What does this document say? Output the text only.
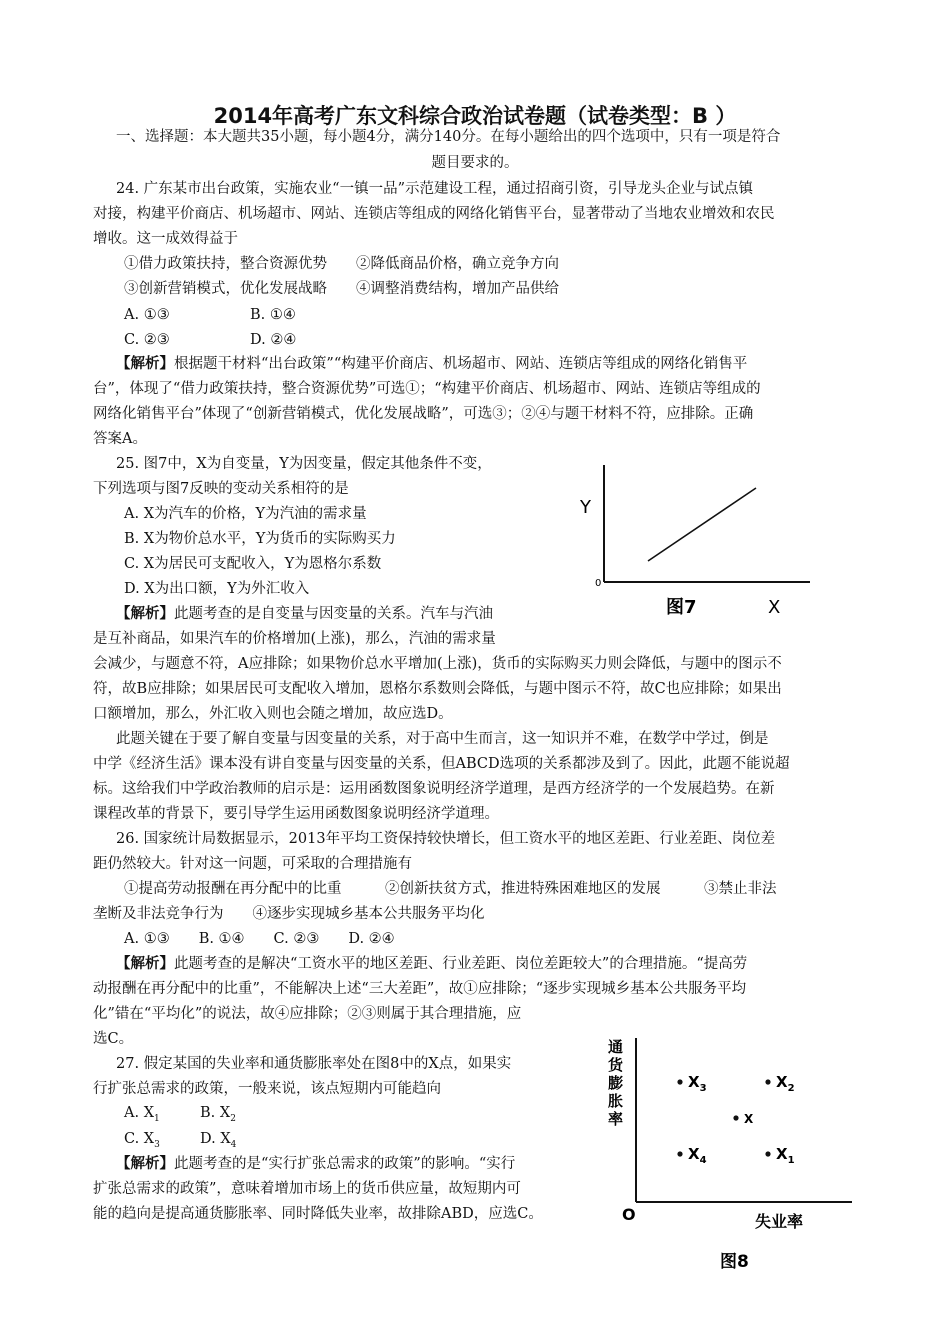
2014年高考广东文科综合政治试卷题（试卷类型：B ）
一、选择题：本大题共35小题，每小题4分，满分140分。在每小题给出的四个选项中，只有一项是符合
题目要求的。
24. 广东某市出台政策，实施农业“一镇一品”示范建设工程，通过招商引资，引导龙头企业与试点镇
对接，构建平价商店、机场超市、网站、连锁店等组成的网络化销售平台，显著带动了当地农业增效和农民
增收。这一成效得益于
①借力政策扶持，整合资源优势　　②降低商品价格，确立竞争方向
③创新营销模式，优化发展战略　　④调整消费结构，增加产品供给
A. ①③	B. ①④
C. ②③	D. ②④
【解析】根据题干材料“出台政策”“构建平价商店、机场超市、网站、连锁店等组成的网络化销售平
台”，体现了“借力政策扶持，整合资源优势”可选①；“构建平价商店、机场超市、网站、连锁店等组成的
网络化销售平台”体现了“创新营销模式，优化发展战略”，可选③；②④与题干材料不符，应排除。正确
答案A。
25. 图7中，X为自变量，Y为因变量，假定其他条件不变，
下列选项与图7反映的变动关系相符的是
A. X为汽车的价格，Y为汽油的需求量
B. X为物价总水平，Y为货币的实际购买力
C. X为居民可支配收入，Y为恩格尔系数
D. X为出口额，Y为外汇收入
【解析】此题考查的是自变量与因变量的关系。汽车与汽油
是互补商品，如果汽车的价格增加(上涨)，那么，汽油的需求量
会减少，与题意不符，A应排除；如果物价总水平增加(上涨)，货币的实际购买力则会降低，与题中的图示不
符，故B应排除；如果居民可支配收入增加，恩格尔系数则会降低，与题中图示不符，故C也应排除；如果出
口额增加，那么，外汇收入则也会随之增加，故应选D。
此题关键在于要了解自变量与因变量的关系，对于高中生而言，这一知识并不难，在数学中学过，倒是
中学《经济生活》课本没有讲自变量与因变量的关系，但ABCD选项的关系都涉及到了。因此，此题不能说超
标。这给我们中学政治教师的启示是：运用函数图象说明经济学道理，是西方经济学的一个发展趋势。在新
课程改革的背景下，要引导学生运用函数图象说明经济学道理。
Y
0
图7	X
26. 国家统计局数据显示，2013年平均工资保持较快增长，但工资水平的地区差距、行业差距、岗位差
距仍然较大。针对这一问题，可采取的合理措施有
①提高劳动报酬在再分配中的比重　　　②创新扶贫方式，推进特殊困难地区的发展　　　③禁止非法
垄断及非法竞争行为　　④逐步实现城乡基本公共服务平均化
A. ①③　　B. ①④　　C. ②③　　D. ②④
【解析】此题考查的是解决“工资水平的地区差距、行业差距、岗位差距较大”的合理措施。“提高劳
动报酬在再分配中的比重”，不能解决上述“三大差距”，故①应排除；“逐步实现城乡基本公共服务平均
化”错在“平均化”的说法，故④应排除；②③则属于其合理措施，应
选C。
27. 假定某国的失业率和通货膨胀率处在图8中的X点，如果实
行扩张总需求的政策，一般来说，该点短期内可能趋向
A. $X_1$	B. $X_2$
C. $X_3$	D. $X_4$
【解析】此题考查的是“实行扩张总需求的政策”的影响。“实行
扩张总需求的政策”，意味着增加市场上的货币供应量，故短期内可
能的趋向是提高通货膨胀率、同时降低失业率，故排除ABD，应选C。
通
货
膨
胀
率
O	失业率
图8
$X_3$	$X_2$
X
$X_4$	$X_1$
